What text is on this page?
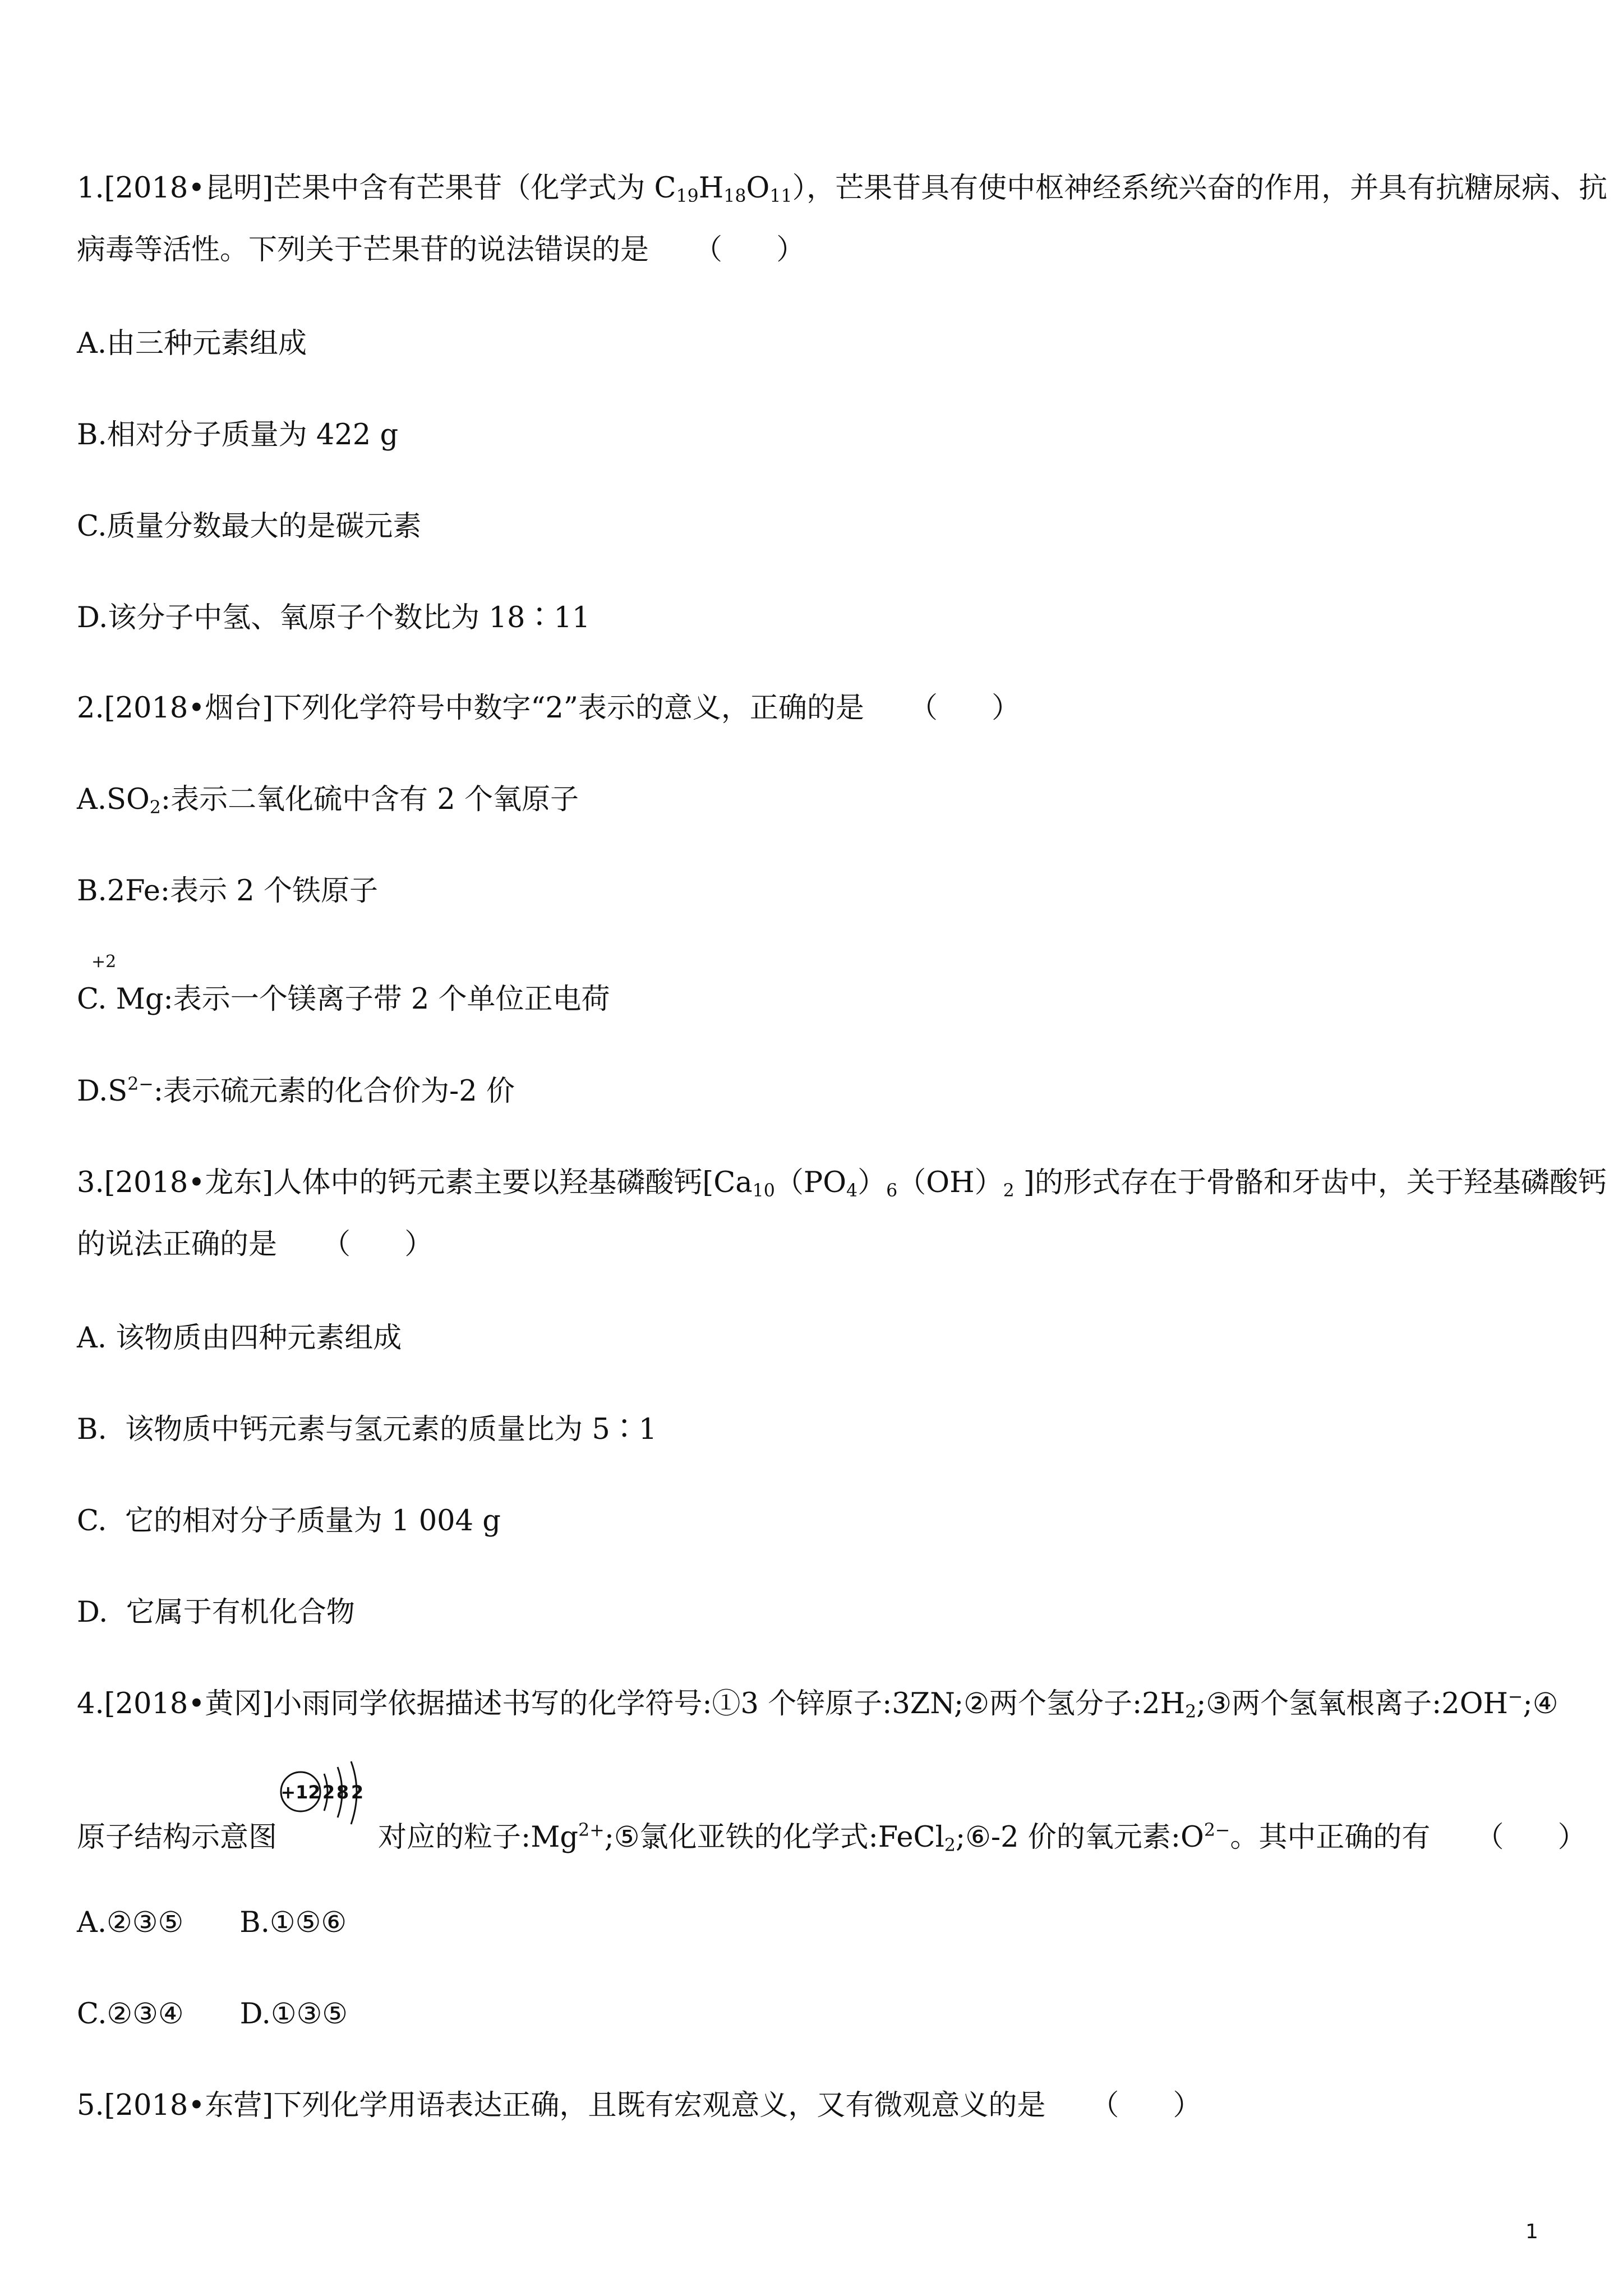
1.[2018•昆明]芒果中含有芒果苷（化学式为 $C_{19}H_{18}O_{11}$），芒果苷具有使中枢神经系统兴奋的作用，并具有抗糖尿病、抗
病毒等活性。下列关于芒果苷的说法错误的是 （ ）
A.由三种元素组成
B.相对分子质量为 422 g
C.质量分数最大的是碳元素
D.该分子中氢、氧原子个数比为 18∶11
2.[2018•烟台]下列化学符号中数字“2”表示的意义，正确的是 （ ）
$A.SO_2$:表示二氧化硫中含有 2 个氧原子
B.2Fe:表示 2 个铁原子
C. M
+2
g:表示一个镁离子带 2 个单位正电荷
$D.S^{2-}$:表示硫元素的化合价为-2 价
3.[2018•龙东]人体中的钙元素主要以羟基磷酸钙[$Ca_{10}(PO_4)_6(OH)_2$ ]的形式存在于骨骼和牙齿中，关于羟基磷酸钙
的说法正确的是 （ ）
A. 该物质由四种元素组成
B.  该物质中钙元素与氢元素的质量比为 5∶1
C.  它的相对分子质量为 1 004 g
D.  它属于有机化合物
4.[2018•黄冈]小雨同学依据描述书写的化学符号:①3 个锌原子:3ZN;②两个氢分子$:2H_2;③$两个氢氧根离子:2OH−;④
+12 2 8 2
原子结构示意图	对应的粒子$:Mg^{2+};⑤$氯化亚铁的化学式:FeCl$_2$;⑥-2 价的氧元素$:O^{2-}$。其中正确的有 （ ）
A.②③⑤ B.①⑤⑥
C.②③④ D.①③⑤
5.[2018•东营]下列化学用语表达正确，且既有宏观意义，又有微观意义的是 （ ）
1
